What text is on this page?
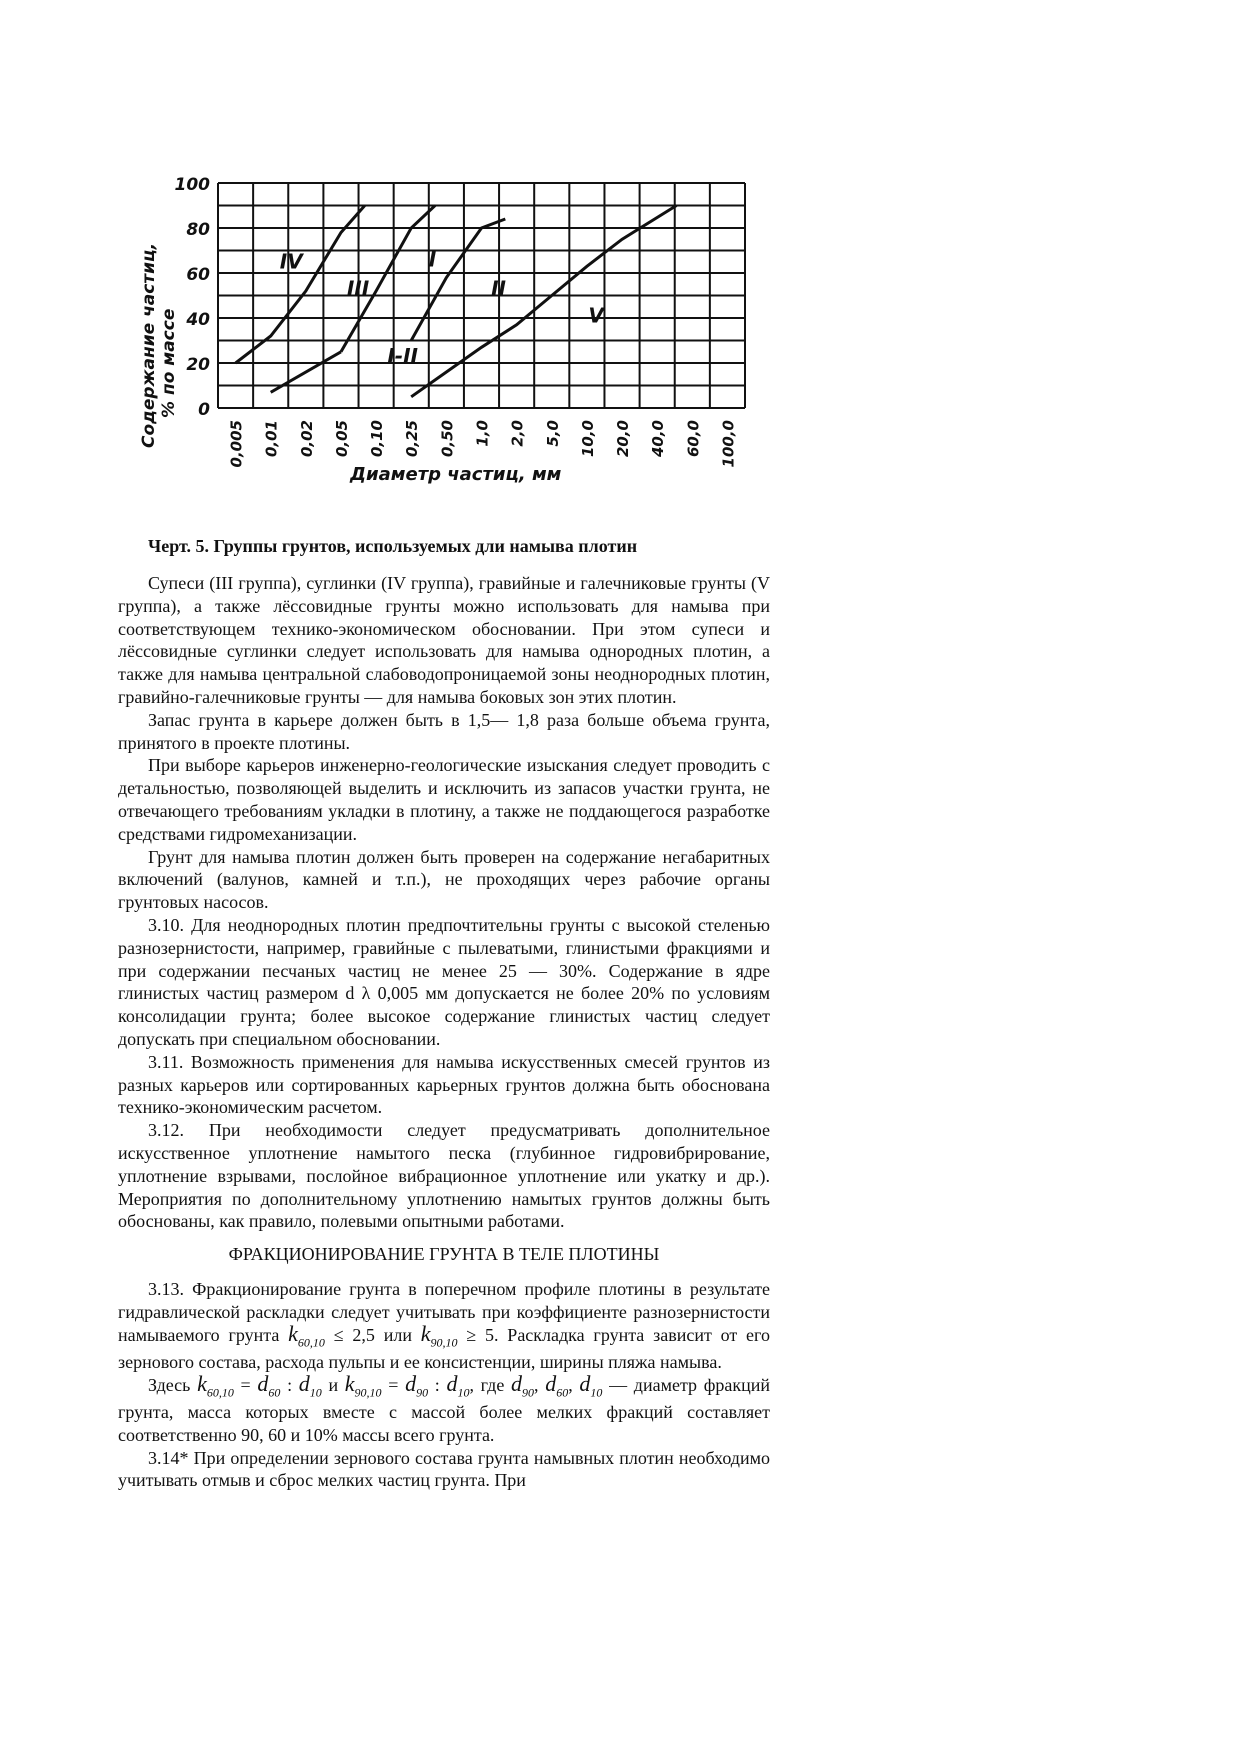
100
80
60
40
20
0
0,005 0,01 0,02 0,05 0,10 0,25 0,50 1,0 2,0 5,0 10,0 20,0 40,0 60,0 100,0
IV
III
I
II
I-II
V
Содержание частиц, % по массе
Диаметр частиц, мм
Черт. 5. Группы грунтов, используемых дли намыва плотин

Супеси (III группа), суглинки (IV группа), гравийные и галечниковые грунты (V группа), а также лёссовидные грунты можно использовать для намыва при соответствующем технико-экономическом обосновании. При этом супеси и лёссовидные суглинки следует использовать для намыва однородных плотин, а также для намыва центральной слабоводопроницаемой зоны неоднородных плотин, гравийно-галечниковые грунты — для намыва боковых зон этих плотин.

Запас грунта в карьере должен быть в 1,5— 1,8 раза больше объема грунта, принятого в проекте плотины.

При выборе карьеров инженерно-геологические изыскания следует проводить с детальностью, позволяющей выделить и исключить из запасов участки грунта, не отвечающего требованиям укладки в плотину, а также не поддающегося разработке средствами гидромеханизации.

Грунт для намыва плотин должен быть проверен на содержание негабаритных включений (валунов, камней и т.п.), не проходящих через рабочие органы грунтовых насосов.

3.10. Для неоднородных плотин предпочтительны грунты с высокой стеленью разнозернистости, например, гравийные с пылеватыми, глинистыми фракциями и при содержании песчаных частиц не менее 25 — 30%. Содержание в ядре глинистых частиц размером d λ 0,005 мм допускается не более 20% по условиям консолидации грунта; более высокое содержание глинистых частиц следует допускать при специальном обосновании.

3.11. Возможность применения для намыва искусственных смесей грунтов из разных карьеров или сортированных карьерных грунтов должна быть обоснована технико-экономическим расчетом.

3.12. При необходимости следует предусматривать дополнительное искусственное уплотнение намытого песка (глубинное гидровибрирование, уплотнение взрывами, послойное вибрационное уплотнение или укатку и др.). Мероприятия по дополнительному уплотнению намытых грунтов должны быть обоснованы, как правило, полевыми опытными работами.

ФРАКЦИОНИРОВАНИЕ ГРУНТА В ТЕЛЕ ПЛОТИНЫ

3.13. Фракционирование грунта в поперечном профиле плотины в результате гидравлической раскладки следует учитывать при коэффициенте разнозернистости намываемого грунта $k_{60,10} \le 2,5$ или $k_{90,10} \ge 5$. Раскладка грунта зависит от его зернового состава, расхода пульпы и ее консистенции, ширины пляжа намыва.

Здесь $k_{60,10} = d_{60}$ : $d_{10}$ и $k_{90,10} = d_{90}$ : $d_{10}$, где $d_{90}$, $d_{60}$, $d_{10}$ — диаметр фракций грунта, масса которых вместе с массой более мелких фракций составляет соответственно 90, 60 и 10% массы всего грунта.

3.14* При определении зернового состава грунта намывных плотин необходимо учитывать отмыв и сброс мелких частиц грунта. При
